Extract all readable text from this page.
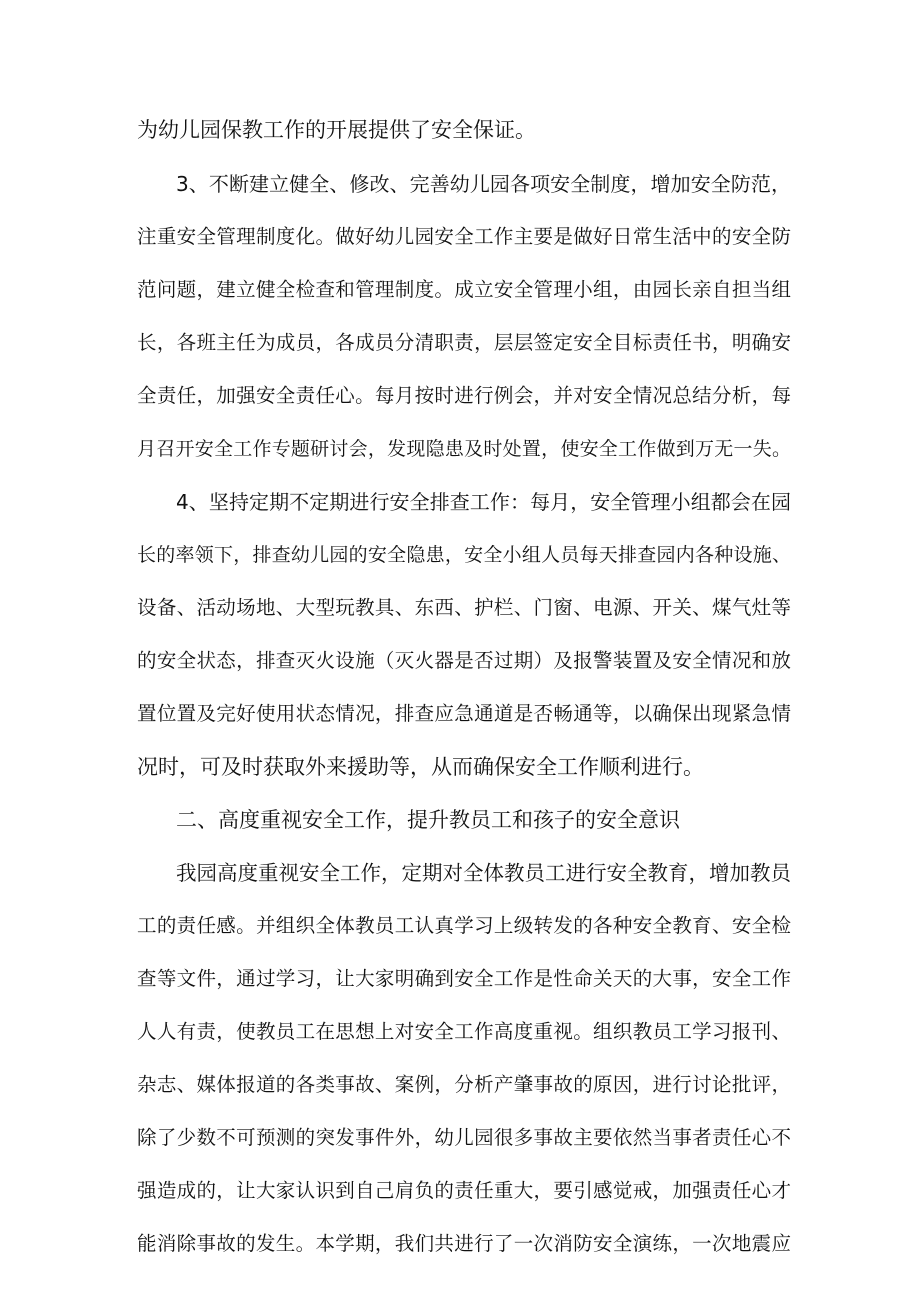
为幼儿园保教工作的开展提供了安全保证。
3、不断建立健全、修改、完善幼儿园各项安全制度，增加安全防范，
注重安全管理制度化。做好幼儿园安全工作主要是做好日常生活中的安全防
范问题，建立健全检查和管理制度。成立安全管理小组，由园长亲自担当组
长，各班主任为成员，各成员分清职责，层层签定安全目标责任书，明确安
全责任，加强安全责任心。每月按时进行例会，并对安全情况总结分析，每
月召开安全工作专题研讨会，发现隐患及时处置，使安全工作做到万无一失。
4、坚持定期不定期进行安全排查工作：每月，安全管理小组都会在园
长的率领下，排查幼儿园的安全隐患，安全小组人员每天排查园内各种设施、
设备、活动场地、大型玩教具、东西、护栏、门窗、电源、开关、煤气灶等
的安全状态，排查灭火设施（灭火器是否过期）及报警装置及安全情况和放
置位置及完好使用状态情况，排查应急通道是否畅通等，以确保出现紧急情
况时，可及时获取外来援助等，从而确保安全工作顺利进行。
二、高度重视安全工作，提升教员工和孩子的安全意识
我园高度重视安全工作，定期对全体教员工进行安全教育，增加教员
工的责任感。并组织全体教员工认真学习上级转发的各种安全教育、安全检
查等文件，通过学习，让大家明确到安全工作是性命关天的大事，安全工作
人人有责，使教员工在思想上对安全工作高度重视。组织教员工学习报刊、
杂志、媒体报道的各类事故、案例，分析产肇事故的原因，进行讨论批评，
除了少数不可预测的突发事件外，幼儿园很多事故主要依然当事者责任心不
强造成的，让大家认识到自己肩负的责任重大，要引感觉戒，加强责任心才
能消除事故的发生。本学期，我们共进行了一次消防安全演练，一次地震应
